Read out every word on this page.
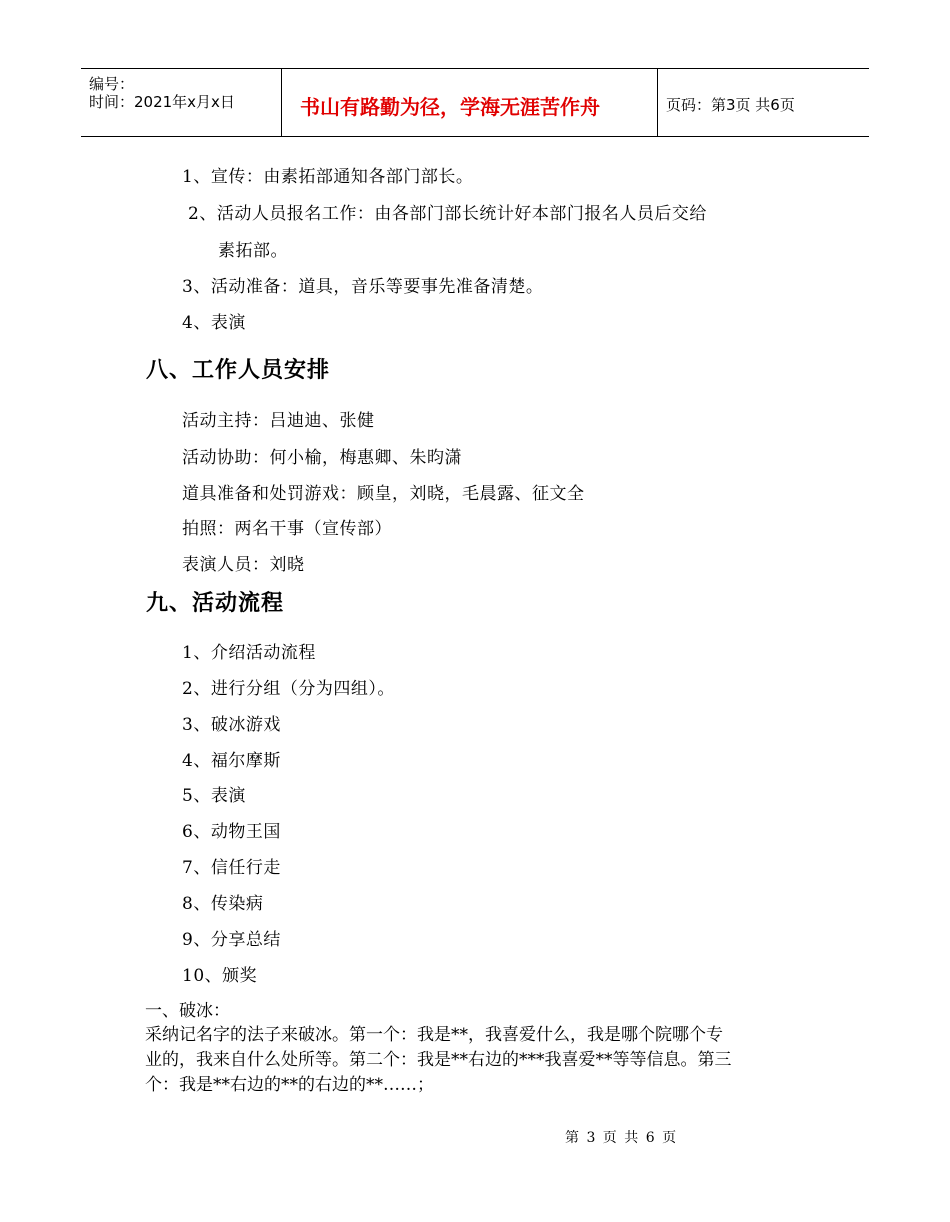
编号：
时间：2021年x月x日	书山有路勤为径，学海无涯苦作舟	页码：第3页 共6页
1、宣传：由素拓部通知各部门部长。
2、活动人员报名工作：由各部门部长统计好本部门报名人员后交给
素拓部。
3、活动准备：道具，音乐等要事先准备清楚。
4、表演
八、工作人员安排
活动主持：吕迪迪、张健
活动协助：何小榆，梅惠卿、朱昀潇
道具准备和处罚游戏：顾皇，刘晓，毛晨露、征文全
拍照：两名干事（宣传部）
表演人员：刘晓
九、活动流程
1、介绍活动流程
2、进行分组（分为四组）。
3、破冰游戏
4、福尔摩斯
5、表演
6、动物王国
7、信任行走
8、传染病
9、分享总结
10、颁奖
一、破冰：
采纳记名字的法子来破冰。第一个：我是**，我喜爱什么，我是哪个院哪个专
业的，我来自什么处所等。第二个：我是**右边的***我喜爱**等等信息。第三
个：我是**右边的**的右边的**……；
第 3 页 共 6 页
